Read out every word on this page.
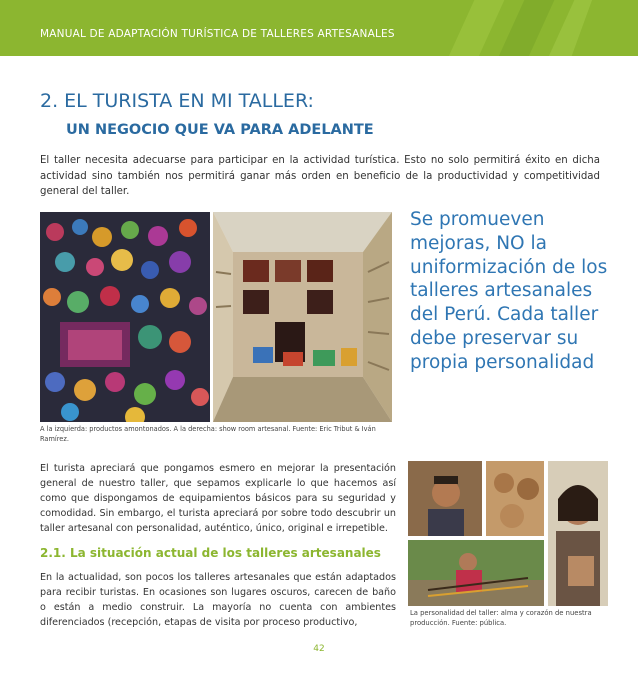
MANUAL DE ADAPTACIÓN TURÍSTICA DE TALLERES ARTESANALES
2. EL TURISTA EN MI TALLER:
UN NEGOCIO QUE VA PARA ADELANTE

El taller necesita adecuarse para participar en la actividad turística. Esto no solo permitirá éxito en dicha actividad sino también nos permitirá ganar más orden en beneficio de la productividad y competitividad general del taller.

A la izquierda: productos amontonados. A la derecha: show room artesanal. Fuente: Eric Tribut & Iván Ramírez.
Se promueven mejoras, NO la uniformización de los talleres artesanales del Perú. Cada taller debe preservar su propia personalidad

El turista apreciará que pongamos esmero en mejorar la presentación general de nuestro taller, que sepamos explicarle lo que hacemos así como que dispongamos de equipamientos básicos para su seguridad y comodidad. Sin embargo, el turista apreciará por sobre todo descubrir un taller artesanal con personalidad, auténtico, único, original e irrepetible.

2.1. La situación actual de los talleres artesanales

En la actualidad, son pocos los talleres artesanales que están adaptados para recibir turistas. En ocasiones son lugares oscuros, carecen de baño o están a medio construir. La mayoría no cuenta con ambientes diferenciados (recepción, etapas de visita por proceso productivo,

La personalidad del taller: alma y corazón de nuestra producción. Fuente: pública.
42
